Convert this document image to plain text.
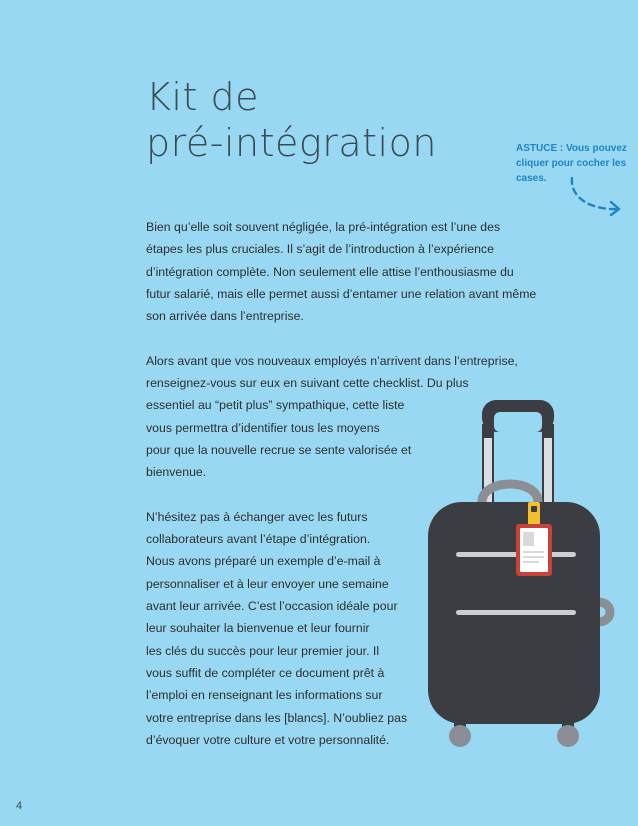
Kit de
pré-intégration	ASTUCE : Vous pouvez cliquer pour cocher les cases.

Bien qu’elle soit souvent négligée, la pré-intégration est l’une des
étapes les plus cruciales. Il s’agit de l’introduction à l’expérience
d’intégration complète. Non seulement elle attise l’enthousiasme du
futur salarié, mais elle permet aussi d’entamer une relation avant même
son arrivée dans l’entreprise.

Alors avant que vos nouveaux employés n’arrivent dans l’entreprise,
renseignez-vous sur eux en suivant cette checklist. Du plus
essentiel au “petit plus” sympathique, cette liste
vous permettra d’identifier tous les moyens
pour que la nouvelle recrue se sente valorisée et
bienvenue.

N’hésitez pas à échanger avec les futurs
collaborateurs avant l’étape d’intégration.
Nous avons préparé un exemple d’e-mail à
personnaliser et à leur envoyer une semaine
avant leur arrivée. C’est l’occasion idéale pour
leur souhaiter la bienvenue et leur fournir
les clés du succès pour leur premier jour. Il
vous suffit de compléter ce document prêt à
l’emploi en renseignant les informations sur
votre entreprise dans les [blancs]. N’oubliez pas
d’évoquer votre culture et votre personnalité.

4
